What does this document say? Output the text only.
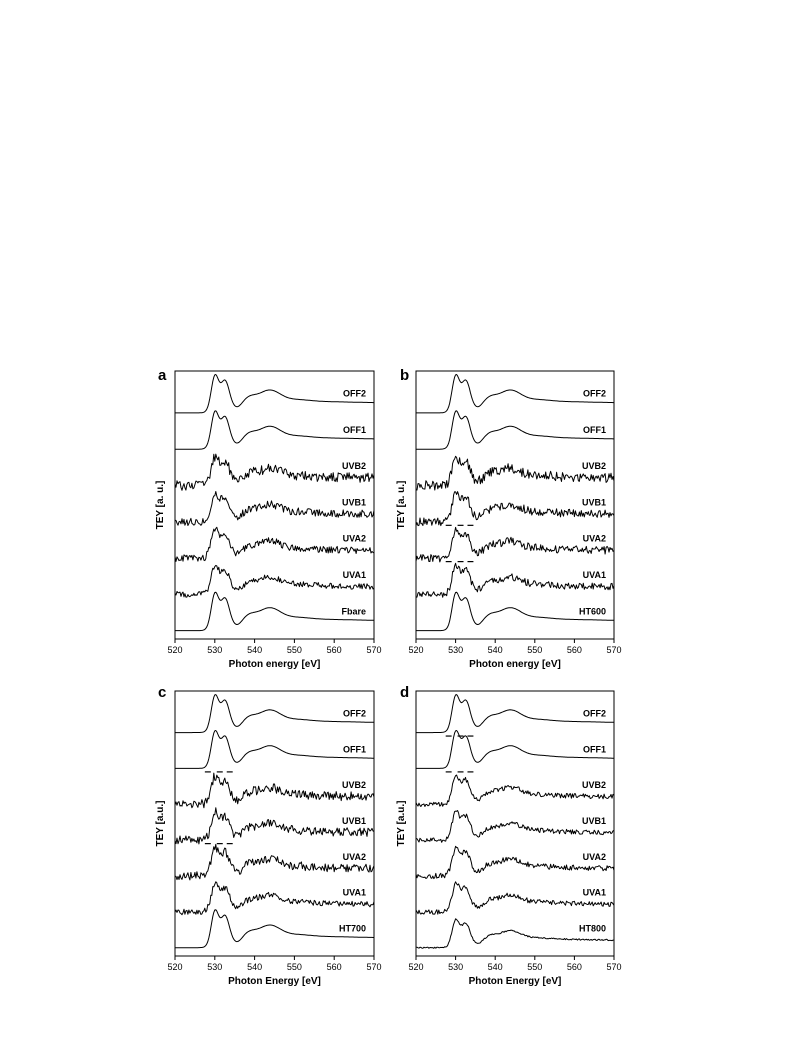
a
520	530	540	550	560	570
Photon energy [eV]
TEY [a. u.]
OFF2
OFF1
UVB2
UVB1
UVA2
UVA1
Fbare
b
520	530	540	550	560	570
Photon energy [eV]
TEY [a. u.]
OFF2
OFF1
UVB2
UVB1
UVA2
UVA1
HT600
c
520	530	540	550	560	570
Photon Energy [eV]
TEY [a.u.]
OFF2
OFF1
UVB2
UVB1
UVA2
UVA1
HT700
d
520	530	540	550	560	570
Photon Energy [eV]
TEY [a.u.]
OFF2
OFF1
UVB2
UVB1
UVA2
UVA1
HT800
